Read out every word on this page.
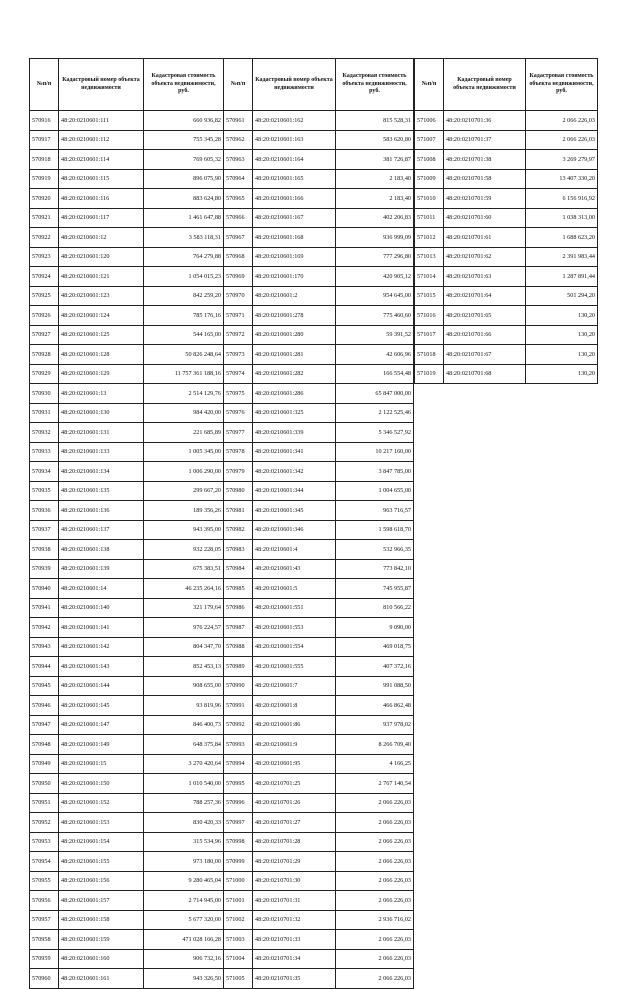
№п/п	Кадастровый номер объекта недвижимости	Кадастровая стоимость объекта недвижимости, руб.
570916	48:20:0210601:111	660 936,82
570917	48:20:0210601:112	755 345,28
570918	48:20:0210601:114	769 605,32
570919	48:20:0210601:115	896 075,90
570920	48:20:0210601:116	883 624,80
570921	48:20:0210601:117	1 461 647,88
570922	48:20:0210601:12	3 583 118,31
570923	48:20:0210601:120	764 279,88
570924	48:20:0210601:121	1 054 015,23
570925	48:20:0210601:123	842 259,20
570926	48:20:0210601:124	785 176,16
570927	48:20:0210601:125	544 165,00
570928	48:20:0210601:128	50 826 248,64
570929	48:20:0210601:129	11 757 361 188,16
570930	48:20:0210601:13	2 514 129,76
570931	48:20:0210601:130	984 420,00
570932	48:20:0210601:131	221 685,89
570933	48:20:0210601:133	1 005 345,00
570934	48:20:0210601:134	1 006 290,00
570935	48:20:0210601:135	299 667,20
570936	48:20:0210601:136	189 356,26
570937	48:20:0210601:137	943 395,00
570938	48:20:0210601:138	932 228,05
570939	48:20:0210601:139	675 383,51
570940	48:20:0210601:14	46 235 264,16
570941	48:20:0210601:140	321 179,64
570942	48:20:0210601:141	976 224,57
570943	48:20:0210601:142	804 347,70
570944	48:20:0210601:143	852 453,13
570945	48:20:0210601:144	908 655,00
570946	48:20:0210601:145	93 819,96
570947	48:20:0210601:147	846 400,73
570948	48:20:0210601:149	648 375,84
570949	48:20:0210601:15	3 270 420,64
570950	48:20:0210601:150	1 010 540,00
570951	48:20:0210601:152	788 257,36
570952	48:20:0210601:153	830 420,33
570953	48:20:0210601:154	315 534,96
570954	48:20:0210601:155	973 180,00
570955	48:20:0210601:156	9 280 465,04
570956	48:20:0210601:157	2 714 945,00
570957	48:20:0210601:158	5 677 320,00
570958	48:20:0210601:159	471 028 166,28
570959	48:20:0210601:160	906 732,16
570960	48:20:0210601:161	943 326,50
№п/п	Кадастровый номер объекта недвижимости	Кадастровая стоимость объекта недвижимости, руб.
570961	48:20:0210601:162	815 528,31
570962	48:20:0210601:163	583 620,80
570963	48:20:0210601:164	381 726,87
570964	48:20:0210601:165	2 183,40
570965	48:20:0210601:166	2 183,40
570966	48:20:0210601:167	402 206,83
570967	48:20:0210601:168	936 999,09
570968	48:20:0210601:169	777 296,80
570969	48:20:0210601:170	420 905,12
570970	48:20:0210601:2	954 645,00
570971	48:20:0210601:278	775 460,60
570972	48:20:0210601:280	59 391,52
570973	48:20:0210601:281	42 606,96
570974	48:20:0210601:282	166 554,48
570975	48:20:0210601:286	65 847 000,00
570976	48:20:0210601:325	2 122 525,46
570977	48:20:0210601:339	5 346 527,92
570978	48:20:0210601:341	10 217 160,00
570979	48:20:0210601:342	3 847 785,00
570980	48:20:0210601:344	1 004 655,00
570981	48:20:0210601:345	963 716,57
570982	48:20:0210601:346	1 598 618,70
570983	48:20:0210601:4	532 966,35
570984	48:20:0210601:43	773 842,10
570985	48:20:0210601:5	745 955,87
570986	48:20:0210601:551	810 566,22
570987	48:20:0210601:553	9 090,00
570988	48:20:0210601:554	469 018,75
570989	48:20:0210601:555	407 372,16
570990	48:20:0210601:7	991 088,50
570991	48:20:0210601:8	466 862,48
570992	48:20:0210601:86	937 978,02
570993	48:20:0210601:9	8 266 709,40
570994	48:20:0210601:95	4 166,25
570995	48:20:0210701:25	2 767 140,54
570996	48:20:0210701:26	2 066 226,03
570997	48:20:0210701:27	2 066 226,03
570998	48:20:0210701:28	2 066 226,03
570999	48:20:0210701:29	2 066 226,03
571000	48:20:0210701:30	2 066 226,03
571001	48:20:0210701:31	2 066 226,03
571002	48:20:0210701:32	2 936 716,02
571003	48:20:0210701:33	2 066 226,03
571004	48:20:0210701:34	2 066 226,03
571005	48:20:0210701:35	2 066 226,03
№п/п	Кадастровый номер объекта недвижимости	Кадастровая стоимость объекта недвижимости, руб.
571006	48:20:0210701:36	2 066 226,03
571007	48:20:0210701:37	2 066 226,03
571008	48:20:0210701:38	3 269 279,97
571009	48:20:0210701:58	13 407 330,20
571010	48:20:0210701:59	6 156 916,92
571011	48:20:0210701:60	1 038 313,00
571012	48:20:0210701:61	1 688 623,20
571013	48:20:0210701:62	2 391 983,44
571014	48:20:0210701:63	1 287 891,44
571015	48:20:0210701:64	501 294,20
571016	48:20:0210701:65	130,20
571017	48:20:0210701:66	130,20
571018	48:20:0210701:67	130,20
571019	48:20:0210701:68	130,20
